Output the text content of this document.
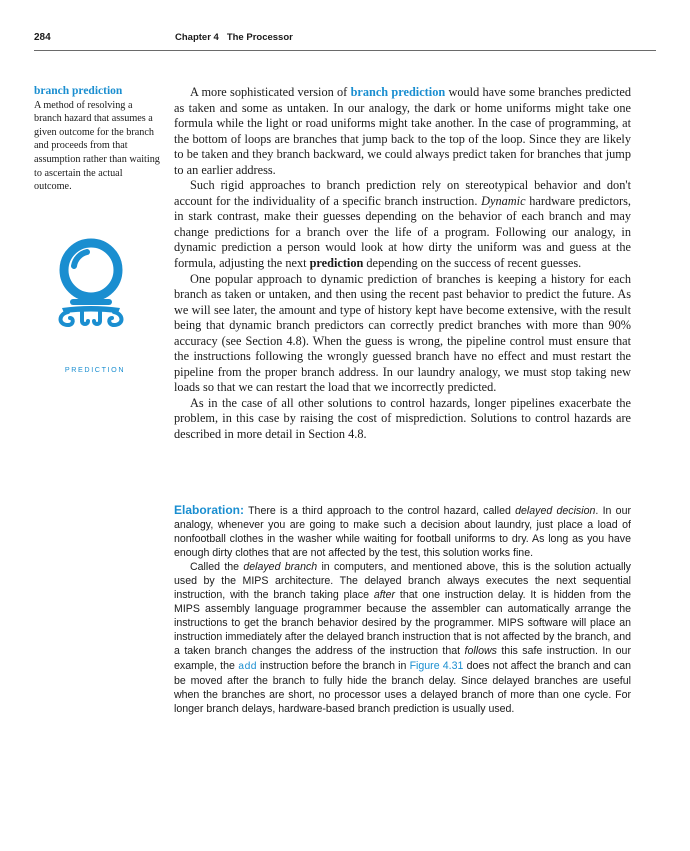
284	Chapter 4 The Processor
branch prediction

A method of resolving a branch hazard that assumes a given outcome for the branch and proceeds from that assumption rather than waiting to ascertain the actual outcome.

PREDICTION

A more sophisticated version of branch prediction would have some branches predicted as taken and some as untaken. In our analogy, the dark or home uniforms might take one formula while the light or road uniforms might take another. In the case of programming, at the bottom of loops are branches that jump back to the top of the loop. Since they are likely to be taken and they branch backward, we could always predict taken for branches that jump to an earlier address.

Such rigid approaches to branch prediction rely on stereotypical behavior and don't account for the individuality of a specific branch instruction. Dynamic hardware predictors, in stark contrast, make their guesses depending on the behavior of each branch and may change predictions for a branch over the life of a program. Following our analogy, in dynamic prediction a person would look at how dirty the uniform was and guess at the formula, adjusting the next prediction depending on the success of recent guesses.

One popular approach to dynamic prediction of branches is keeping a history for each branch as taken or untaken, and then using the recent past behavior to predict the future. As we will see later, the amount and type of history kept have become extensive, with the result being that dynamic branch predictors can correctly predict branches with more than 90% accuracy (see Section 4.8). When the guess is wrong, the pipeline control must ensure that the instructions following the wrongly guessed branch have no effect and must restart the pipeline from the proper branch address. In our laundry analogy, we must stop taking new loads so that we can restart the load that we incorrectly predicted.

As in the case of all other solutions to control hazards, longer pipelines exacerbate the problem, in this case by raising the cost of misprediction. Solutions to control hazards are described in more detail in Section 4.8.

Elaboration: There is a third approach to the control hazard, called delayed decision. In our analogy, whenever you are going to make such a decision about laundry, just place a load of nonfootball clothes in the washer while waiting for football uniforms to dry. As long as you have enough dirty clothes that are not affected by the test, this solution works fine.

Called the delayed branch in computers, and mentioned above, this is the solution actually used by the MIPS architecture. The delayed branch always executes the next sequential instruction, with the branch taking place after that one instruction delay. It is hidden from the MIPS assembly language programmer because the assembler can automatically arrange the instructions to get the branch behavior desired by the programmer. MIPS software will place an instruction immediately after the delayed branch instruction that is not affected by the branch, and a taken branch changes the address of the instruction that follows this safe instruction. In our example, the add instruction before the branch in Figure 4.31 does not affect the branch and can be moved after the branch to fully hide the branch delay. Since delayed branches are useful when the branches are short, no processor uses a delayed branch of more than one cycle. For longer branch delays, hardware-based branch prediction is usually used.
